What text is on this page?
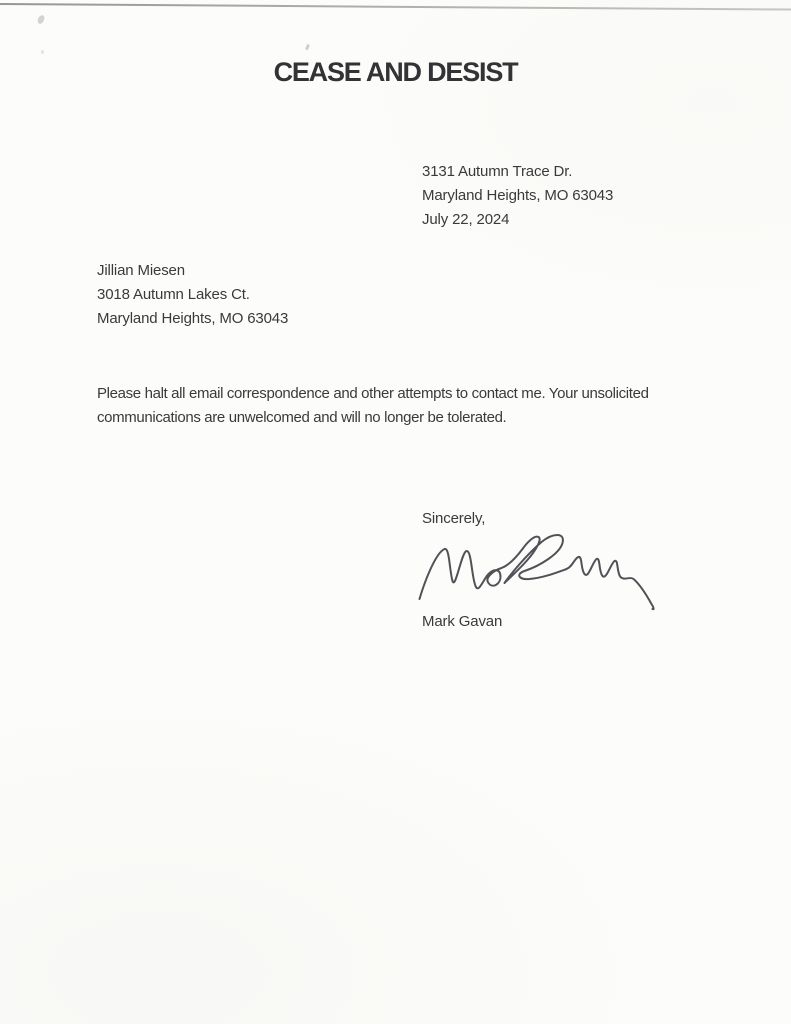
CEASE AND DESIST
3131 Autumn Trace Dr.
Maryland Heights, MO 63043
July 22, 2024
Jillian Miesen
3018 Autumn Lakes Ct.
Maryland Heights, MO 63043

Please halt all email correspondence and other attempts to contact me. Your unsolicited communications are unwelcomed and will no longer be tolerated.

Sincerely,
Mark Gavan
